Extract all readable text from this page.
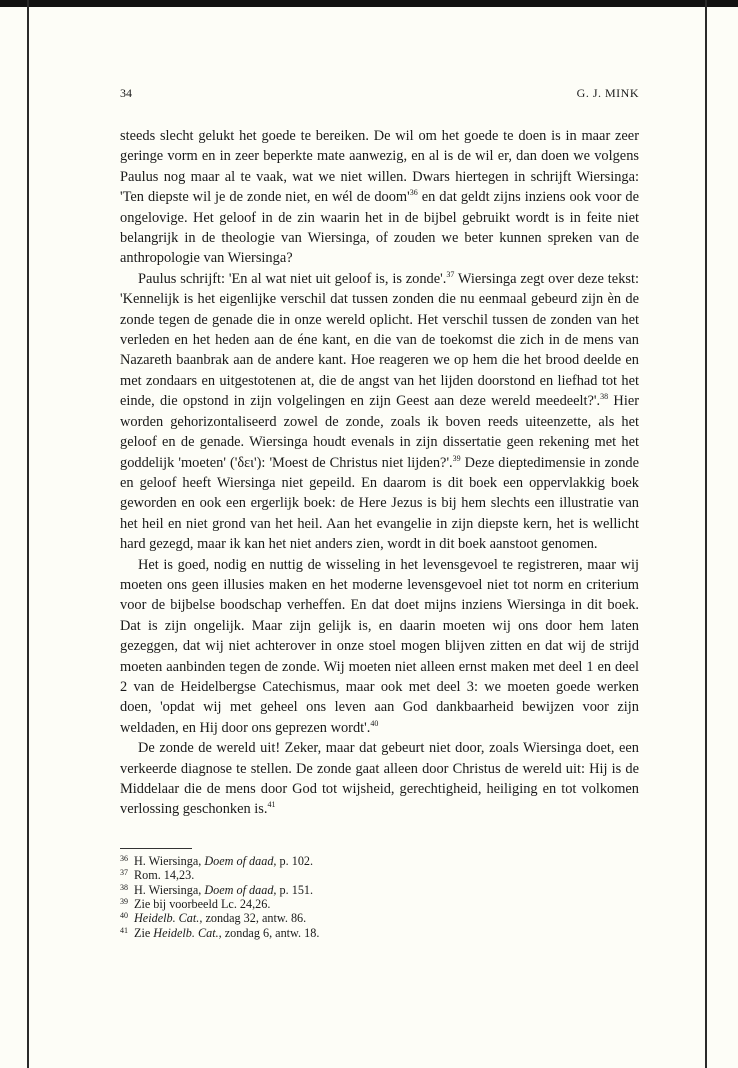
34	G. J. MINK

steeds slecht gelukt het goede te bereiken. De wil om het goede te doen is in maar zeer geringe vorm en in zeer beperkte mate aanwezig, en al is de wil er, dan doen we volgens Paulus nog maar al te vaak, wat we niet willen. Dwars hiertegen in schrijft Wiersinga: 'Ten diepste wil je de zonde niet, en wél de $doom'^{36}$ en dat geldt zijns inziens ook voor de ongelovige. Het geloof in de zin waarin het in de bijbel gebruikt wordt is in feite niet belangrijk in de theologie van Wiersinga, of zouden we beter kunnen spreken van de anthropologie van Wiersinga?

Paulus schrijft: 'En al wat niet uit geloof is, is zonde'.$^{37}$ Wiersinga zegt over deze tekst: 'Kennelijk is het eigenlijke verschil dat tussen zonden die nu eenmaal gebeurd zijn èn de zonde tegen de genade die in onze wereld oplicht. Het verschil tussen de zonden van het verleden en het heden aan de éne kant, en die van de toekomst die zich in de mens van Nazareth baanbrak aan de andere kant. Hoe reageren we op hem die het brood deelde en met zondaars en uitgestotenen at, die de angst van het lijden doorstond en liefhad tot het einde, die opstond in zijn volgelingen en zijn Geest aan deze wereld meedeelt?'.$^{38}$ Hier worden gehorizontaliseerd zowel de zonde, zoals ik boven reeds uiteenzette, als het geloof en de genade. Wiersinga houdt evenals in zijn dissertatie geen rekening met het goddelijk 'moeten' ('δει'): 'Moest de Christus niet lijden?'.$^{39}$ Deze dieptedimensie in zonde en geloof heeft Wiersinga niet gepeild. En daarom is dit boek een oppervlakkig boek geworden en ook een ergerlijk boek: de Here Jezus is bij hem slechts een illustratie van het heil en niet grond van het heil. Aan het evangelie in zijn diepste kern, het is wellicht hard gezegd, maar ik kan het niet anders zien, wordt in dit boek aanstoot genomen.

Het is goed, nodig en nuttig de wisseling in het levensgevoel te registreren, maar wij moeten ons geen illusies maken en het moderne levensgevoel niet tot norm en criterium voor de bijbelse boodschap verheffen. En dat doet mijns inziens Wiersinga in dit boek. Dat is zijn ongelijk. Maar zijn gelijk is, en daarin moeten wij ons door hem laten gezeggen, dat wij niet achterover in onze stoel mogen blijven zitten en dat wij de strijd moeten aanbinden tegen de zonde. Wij moeten niet alleen ernst maken met deel 1 en deel 2 van de Heidelbergse Catechismus, maar ook met deel 3: we moeten goede werken doen, 'opdat wij met geheel ons leven aan God dankbaarheid bewijzen voor zijn weldaden, en Hij door ons geprezen wordt'.$^{40}$

De zonde de wereld uit! Zeker, maar dat gebeurt niet door, zoals Wiersinga doet, een verkeerde diagnose te stellen. De zonde gaat alleen door Christus de wereld uit: Hij is de Middelaar die de mens door God tot wijsheid, gerechtigheid, heiliging en tot volkomen verlossing geschonken is.$^{41}$

36 H. Wiersinga, Doem of daad, p. 102.
37 Rom. 14,23.
38 H. Wiersinga, Doem of daad, p. 151.
39 Zie bij voorbeeld Lc. 24,26.
40 Heidelb. Cat., zondag 32, antw. 86.
41 Zie Heidelb. Cat., zondag 6, antw. 18.
